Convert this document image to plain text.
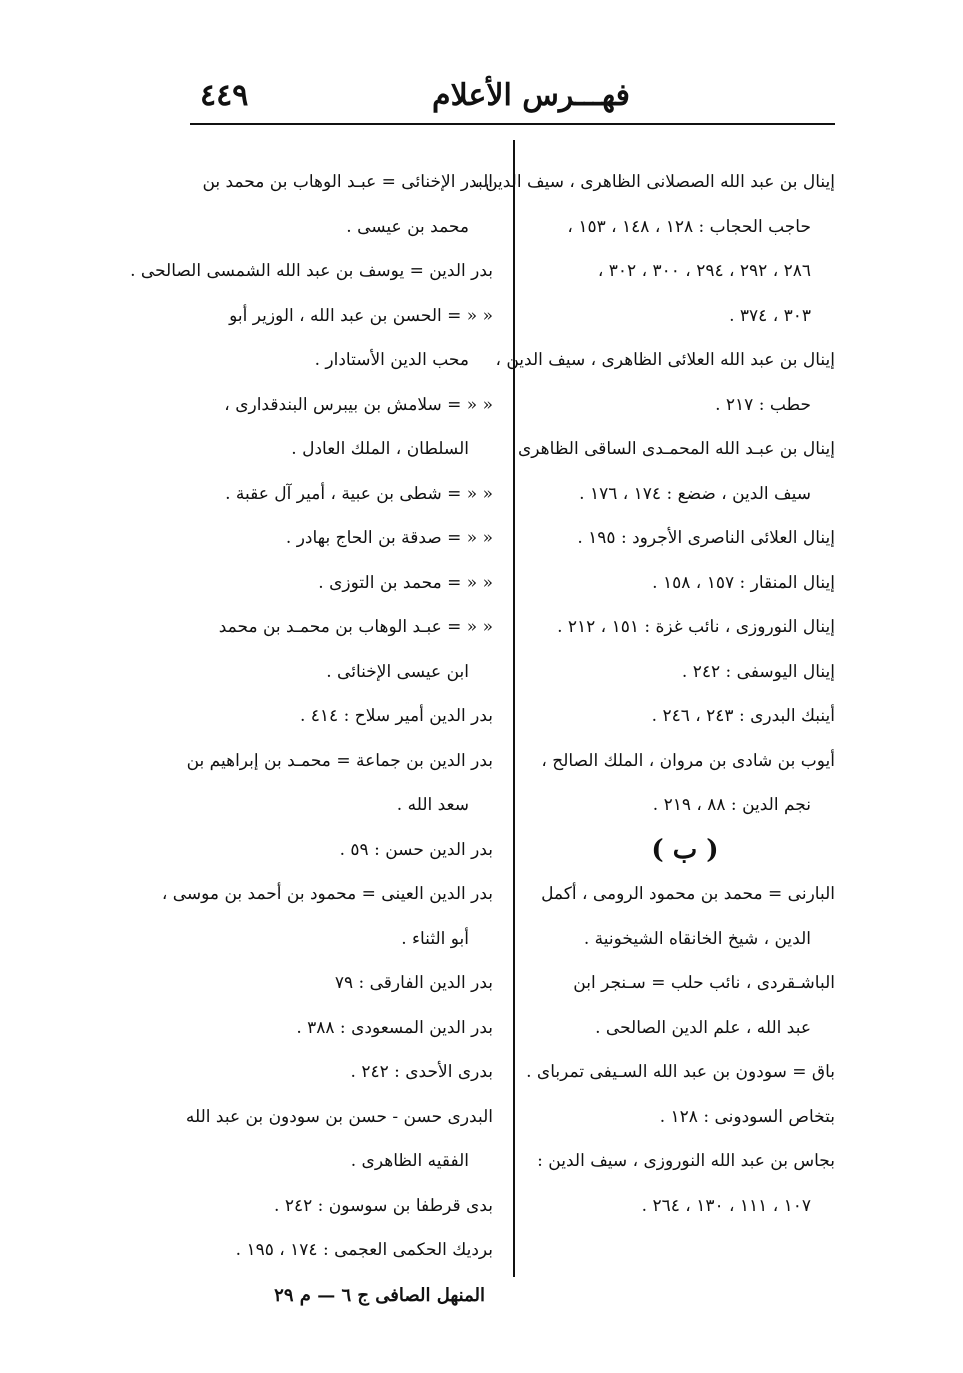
فهـــرس الأعلام
٤٤٩
إينال بن عبد الله الصصلانى الظاهرى ، سيف الدين ،
حاجب الحجاب : ١٢٨ ، ١٤٨ ، ١٥٣ ،
٢٨٦ ، ٢٩٢ ، ٢٩٤ ، ٣٠٠ ، ٣٠٢ ،
٣٠٣ ، ٣٧٤ .
إينال بن عبد الله العلائى الظاهرى ، سيف الدين ،
حطب : ٢١٧ .
إينال بن عبـد الله المحمـدى الساقى الظاهرى
سيف الدين ، ضضع : ١٧٤ ، ١٧٦ .
إينال العلائى الناصرى الأجرود : ١٩٥ .
إينال المنقار : ١٥٧ ، ١٥٨ .
إينال النوروزى ، نائب غزة : ١٥١ ، ٢١٢ .
إينال اليوسفى : ٢٤٢ .
أينبك البدرى : ٢٤٣ ، ٢٤٦ .
أيوب بن شادى بن مروان ، الملك الصالح ،
نجم الدين : ٨٨ ، ٢١٩ .
( ب )
البارنى = محمد بن محمود الرومى ، أكمل
الدين ، شيخ الخانقاه الشيخونية .
الباشـقردى ، نائب حلب = سـنجر ابن
عبد الله ، علم الدين الصالحى .
باق = سودون بن عبد الله السـيفى تمرباى .
بتخاص السودونى : ١٢٨ .
بجاس بن عبد الله النوروزى ، سيف الدين :
١٠٧ ، ١١١ ، ١٣٠ ، ٢٦٤ .
البدر الإخنائى = عبـد الوهاب بن محمد بن
محمد بن عيسى .
بدر الدين = يوسف بن عبد الله الشمسى الصالحى .
« « = الحسن بن عبد الله ، الوزير أبو
محب الدين الأستادار .
« « = سلامش بن بيبرس البندقدارى ،
السلطان ، الملك العادل .
« « = شطى بن عبية ، أمير آل عقبة .
« « = صدقة بن الحاج بهادر .
« « = محمد بن التوزى .
« « = عبـد الوهاب بن محمـد بن محمد
ابن عيسى الإخنائى .
بدر الدين أمير سلاح : ٤١٤ .
بدر الدين بن جماعة = محمـد بن إبراهيم بن
سعد الله .
بدر الدين حسن : ٥٩ .
بدر الدين العينى = محمود بن أحمد بن موسى ،
أبو الثناء .
بدر الدين الفارقى : ٧٩
بدر الدين المسعودى : ٣٨٨ .
بدرى الأحدى : ٢٤٢ .
البدرى حسن - حسن بن سودون بن عبد الله
الفقيه الظاهرى .
بدى قرطفا بن سوسون : ٢٤٢ .
برديك الحكمى العجمى : ١٧٤ ، ١٩٥ .
المنهل الصافى ج ٦ — م ٢٩
